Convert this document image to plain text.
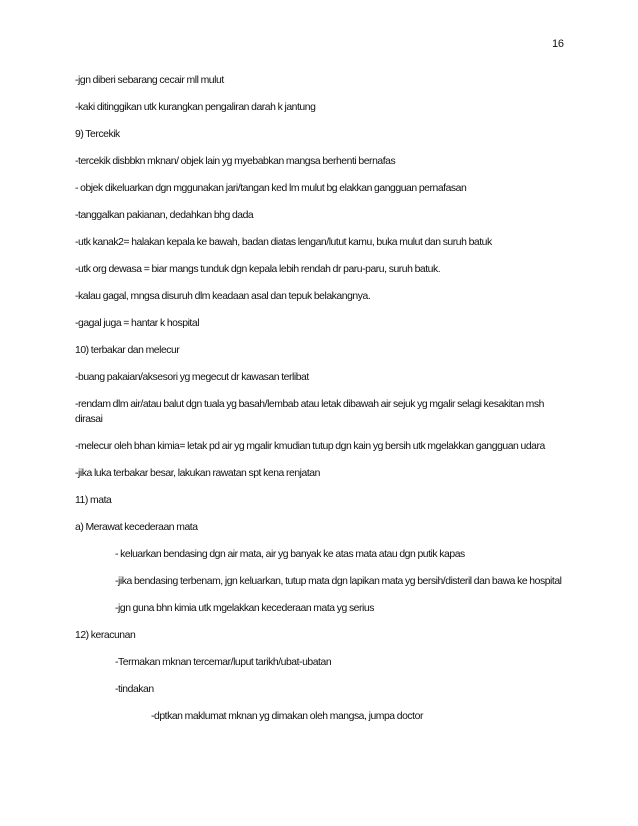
16

-jgn diberi sebarang cecair mll mulut

-kaki ditinggikan utk kurangkan pengaliran darah k jantung

9) Tercekik

-tercekik disbbkn mknan/ objek lain yg myebabkan mangsa berhenti bernafas

- objek dikeluarkan dgn mggunakan jari/tangan ked lm mulut bg elakkan gangguan pernafasan

-tanggalkan pakianan, dedahkan bhg dada

-utk kanak2= halakan kepala ke bawah, badan diatas lengan/lutut kamu, buka mulut dan suruh batuk

-utk org dewasa = biar mangs tunduk dgn kepala lebih rendah dr paru-paru, suruh batuk.

-kalau gagal, mngsa disuruh dlm keadaan asal dan tepuk belakangnya.

-gagal juga = hantar k hospital

10) terbakar dan melecur

-buang pakaian/aksesori yg megecut dr kawasan terlibat

-rendam dlm air/atau balut dgn tuala yg basah/lembab atau letak dibawah air sejuk yg mgalir selagi kesakitan msh dirasai

-melecur oleh bhan kimia= letak pd air yg mgalir kmudian tutup dgn kain yg bersih utk mgelakkan gangguan udara

-jika luka terbakar besar, lakukan rawatan spt kena renjatan

11) mata

a) Merawat kecederaan mata

- keluarkan bendasing dgn air mata, air yg banyak ke atas mata atau dgn putik kapas

-jika bendasing terbenam, jgn keluarkan, tutup mata dgn lapikan mata yg bersih/disteril dan bawa ke hospital

-jgn guna bhn kimia utk mgelakkan kecederaan mata yg serius

12) keracunan

-Termakan mknan tercemar/luput tarikh/ubat-ubatan

-tindakan

-dptkan maklumat mknan yg dimakan oleh mangsa, jumpa doctor
